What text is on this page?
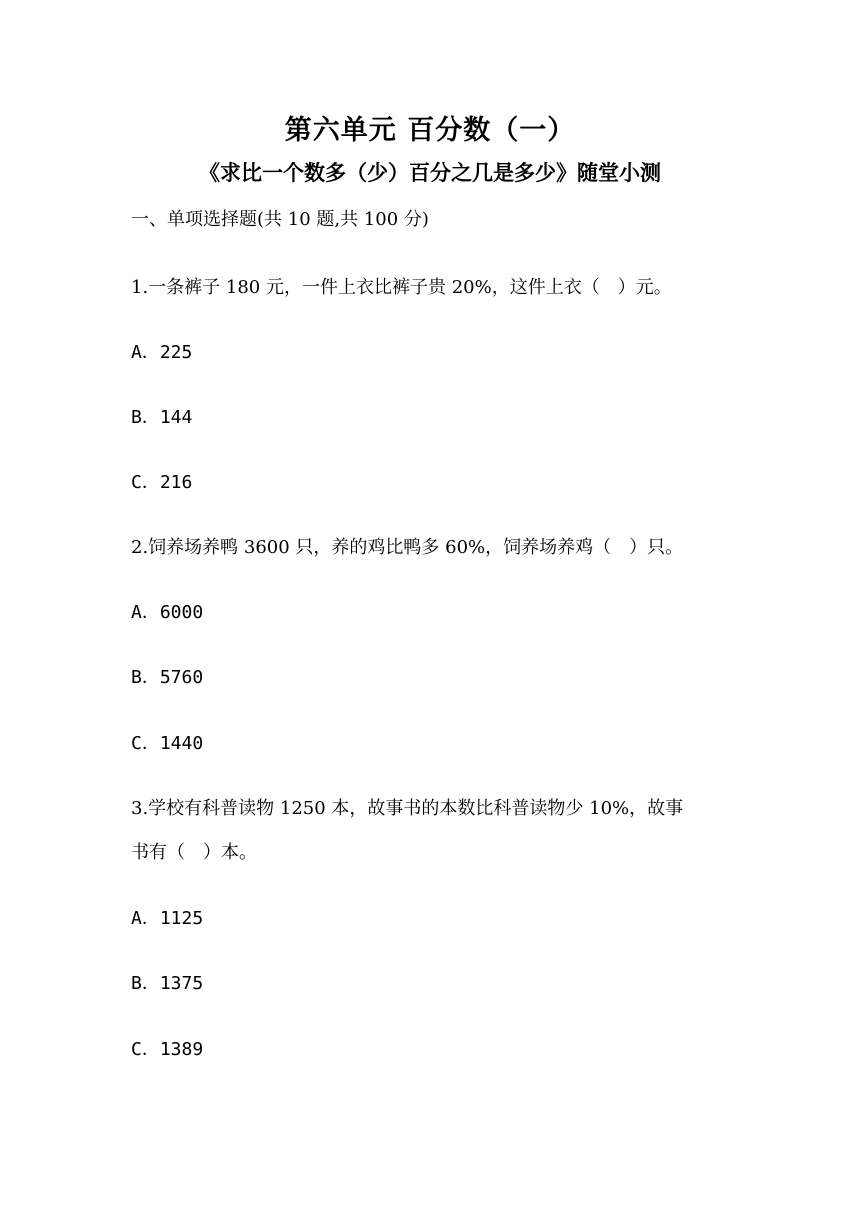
第六单元 百分数（一）
《求比一个数多（少）百分之几是多少》随堂小测
一、单项选择题(共 10 题,共 100 分)
1.一条裤子 180 元，一件上衣比裤子贵 20%，这件上衣（　）元。
A．225
B．144
C．216
2.饲养场养鸭 3600 只，养的鸡比鸭多 60%，饲养场养鸡（　）只。
A．6000
B．5760
C．1440
3.学校有科普读物 1250 本，故事书的本数比科普读物少 10%，故事
书有（　）本。
A．1125
B．1375
C．1389
